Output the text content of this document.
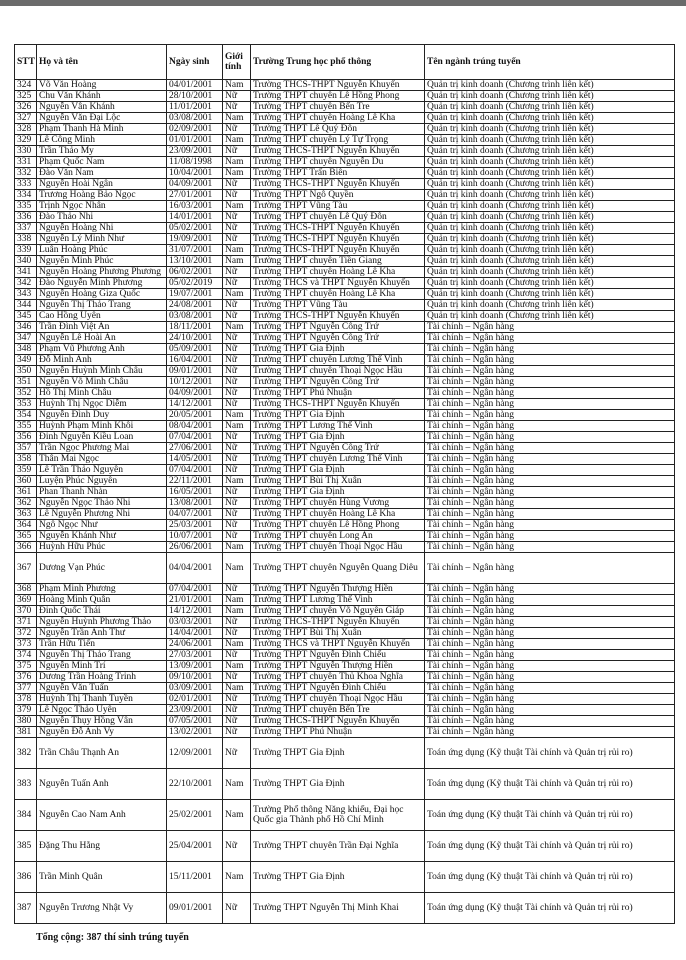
STT	Họ và tên	Ngày sinh	Giới tính	Trường Trung học phổ thông	Tên ngành trúng tuyển
324	Võ Văn Hoàng	04/01/2001	Nam	Trường THCS-THPT Nguyễn Khuyến	Quản trị kinh doanh (Chương trình liên kết)
325	Chu Văn Khánh	28/10/2001	Nữ	Trường THPT chuyên Lê Hồng Phong	Quản trị kinh doanh (Chương trình liên kết)
326	Nguyễn Vân Khánh	11/01/2001	Nữ	Trường THPT chuyên Bến Tre	Quản trị kinh doanh (Chương trình liên kết)
327	Nguyễn Văn Đại Lộc	03/08/2001	Nam	Trường THPT chuyên Hoàng Lê Kha	Quản trị kinh doanh (Chương trình liên kết)
328	Phạm Thanh Hà Minh	02/09/2001	Nữ	Trường THPT Lê Quý Đôn	Quản trị kinh doanh (Chương trình liên kết)
329	Lê Công Minh	01/01/2001	Nam	Trường THPT chuyên Lý Tự Trọng	Quản trị kinh doanh (Chương trình liên kết)
330	Trần Thảo My	23/09/2001	Nữ	Trường THCS-THPT Nguyễn Khuyến	Quản trị kinh doanh (Chương trình liên kết)
331	Phạm Quốc Nam	11/08/1998	Nam	Trường THPT chuyên Nguyễn Du	Quản trị kinh doanh (Chương trình liên kết)
332	Đào Văn Nam	10/04/2001	Nam	Trường THPT Trấn Biên	Quản trị kinh doanh (Chương trình liên kết)
333	Nguyễn Hoài Ngân	04/09/2001	Nữ	Trường THCS-THPT Nguyễn Khuyến	Quản trị kinh doanh (Chương trình liên kết)
334	Trương Hoàng Bảo Ngọc	27/01/2001	Nữ	Trường THPT Ngô Quyền	Quản trị kinh doanh (Chương trình liên kết)
335	Trịnh Ngọc Nhân	16/03/2001	Nam	Trường THPT Vũng Tàu	Quản trị kinh doanh (Chương trình liên kết)
336	Đào Thảo Nhi	14/01/2001	Nữ	Trường THPT chuyên Lê Quý Đôn	Quản trị kinh doanh (Chương trình liên kết)
337	Nguyễn Hoàng Nhi	05/02/2001	Nữ	Trường THCS-THPT Nguyễn Khuyến	Quản trị kinh doanh (Chương trình liên kết)
338	Nguyễn Lý Minh Như	19/09/2001	Nữ	Trường THCS-THPT Nguyễn Khuyến	Quản trị kinh doanh (Chương trình liên kết)
339	Luân Hoàng Phúc	31/07/2001	Nam	Trường THCS-THPT Nguyễn Khuyến	Quản trị kinh doanh (Chương trình liên kết)
340	Nguyễn Minh Phúc	13/10/2001	Nam	Trường THPT chuyên Tiền Giang	Quản trị kinh doanh (Chương trình liên kết)
341	Nguyễn Hoàng Phương Phương	06/02/2001	Nữ	Trường THPT chuyên Hoàng Lê Kha	Quản trị kinh doanh (Chương trình liên kết)
342	Đào Nguyễn Minh Phương	05/02/2019	Nữ	Trường THCS và THPT Nguyễn Khuyến	Quản trị kinh doanh (Chương trình liên kết)
343	Nguyễn Hoàng Giza Quốc	19/07/2001	Nam	Trường THPT chuyên Hoàng Lê Kha	Quản trị kinh doanh (Chương trình liên kết)
344	Nguyễn Thị Thảo Trang	24/08/2001	Nữ	Trường THPT Vũng Tàu	Quản trị kinh doanh (Chương trình liên kết)
345	Cao Hồng Uyên	03/08/2001	Nữ	Trường THCS-THPT Nguyễn Khuyến	Quản trị kinh doanh (Chương trình liên kết)
346	Trần Đình Việt An	18/11/2001	Nam	Trường THPT Nguyễn Công Trứ	Tài chính – Ngân hàng
347	Nguyễn Lê Hoài An	24/10/2001	Nữ	Trường THPT Nguyễn Công Trứ	Tài chính – Ngân hàng
348	Phạm Vũ Phương Anh	05/09/2001	Nữ	Trường THPT Gia Định	Tài chính – Ngân hàng
349	Đỗ Minh Anh	16/04/2001	Nữ	Trường THPT chuyên Lương Thế Vinh	Tài chính – Ngân hàng
350	Nguyễn Huỳnh Minh Châu	09/01/2001	Nữ	Trường THPT chuyên Thoại Ngọc Hầu	Tài chính – Ngân hàng
351	Nguyễn Võ Minh Châu	10/12/2001	Nữ	Trường THPT Nguyễn Công Trứ	Tài chính – Ngân hàng
352	Hồ Thị Minh Châu	04/09/2001	Nữ	Trường THPT Phú Nhuận	Tài chính – Ngân hàng
353	Huỳnh Thị Ngọc Diễm	14/12/2001	Nữ	Trường THCS-THPT Nguyễn Khuyến	Tài chính – Ngân hàng
354	Nguyễn Đình Duy	20/05/2001	Nam	Trường THPT Gia Định	Tài chính – Ngân hàng
355	Huỳnh Phạm Minh Khôi	08/04/2001	Nam	Trường THPT Lương Thế Vinh	Tài chính – Ngân hàng
356	Đinh Nguyễn Kiều Loan	07/04/2001	Nữ	Trường THPT Gia Định	Tài chính – Ngân hàng
357	Trần Ngọc Phương Mai	27/06/2001	Nữ	Trường THPT Nguyễn Công Trứ	Tài chính – Ngân hàng
358	Thân Mai Ngọc	14/05/2001	Nữ	Trường THPT chuyên Lương Thế Vinh	Tài chính – Ngân hàng
359	Lê Trần Thảo Nguyên	07/04/2001	Nữ	Trường THPT Gia Định	Tài chính – Ngân hàng
360	Luyện Phúc Nguyên	22/11/2001	Nam	Trường THPT Bùi Thị Xuân	Tài chính – Ngân hàng
361	Phan Thanh Nhàn	16/05/2001	Nữ	Trường THPT Gia Định	Tài chính – Ngân hàng
362	Nguyễn Ngọc Thảo Nhi	13/08/2001	Nữ	Trường THPT chuyên Hùng Vương	Tài chính – Ngân hàng
363	Lê Nguyễn Phương Nhi	04/07/2001	Nữ	Trường THPT chuyên Hoàng Lê Kha	Tài chính – Ngân hàng
364	Ngô Ngọc Như	25/03/2001	Nữ	Trường THPT chuyên Lê Hồng Phong	Tài chính – Ngân hàng
365	Nguyễn Khánh Như	10/07/2001	Nữ	Trường THPT chuyên Long An	Tài chính – Ngân hàng
366	Huỳnh Hữu Phúc	26/06/2001	Nam	Trường THPT chuyên Thoại Ngọc Hầu	Tài chính – Ngân hàng
367	Dương Vạn Phúc	04/04/2001	Nam	Trường THPT chuyên Nguyễn Quang Diêu	Tài chính – Ngân hàng
368	Phạm Minh Phương	07/04/2001	Nữ	Trường THPT Nguyễn Thượng Hiền	Tài chính – Ngân hàng
369	Hoàng Minh Quân	21/01/2001	Nam	Trường THPT Lương Thế Vinh	Tài chính – Ngân hàng
370	Đinh Quốc Thái	14/12/2001	Nam	Trường THPT chuyên Võ Nguyên Giáp	Tài chính – Ngân hàng
371	Nguyễn Huỳnh Phương Thảo	03/03/2001	Nữ	Trường THCS-THPT Nguyễn Khuyến	Tài chính – Ngân hàng
372	Nguyễn Trần Anh Thư	14/04/2001	Nữ	Trường THPT Bùi Thị Xuân	Tài chính – Ngân hàng
373	Trần Hữu Tiến	24/06/2001	Nam	Trường THCS và THPT Nguyễn Khuyến	Tài chính – Ngân hàng
374	Nguyễn Thị Thảo Trang	27/03/2001	Nữ	Trường THPT Nguyễn Đình Chiểu	Tài chính – Ngân hàng
375	Nguyễn Minh Trí	13/09/2001	Nam	Trường THPT Nguyễn Thượng Hiền	Tài chính – Ngân hàng
376	Dương Trần Hoàng Trinh	09/10/2001	Nữ	Trường THPT chuyên Thủ Khoa Nghĩa	Tài chính – Ngân hàng
377	Nguyễn Văn Tuấn	03/09/2001	Nam	Trường THPT Nguyễn Đình Chiểu	Tài chính – Ngân hàng
378	Huỳnh Thị Thanh Tuyền	02/01/2001	Nữ	Trường THPT chuyên Thoại Ngọc Hầu	Tài chính – Ngân hàng
379	Lê Ngọc Thảo Uyên	23/09/2001	Nữ	Trường THPT chuyên Bến Tre	Tài chính – Ngân hàng
380	Nguyễn Thụy Hồng Vân	07/05/2001	Nữ	Trường THCS-THPT Nguyễn Khuyến	Tài chính – Ngân hàng
381	Nguyễn Đỗ Anh Vy	13/02/2001	Nữ	Trường THPT Phú Nhuận	Tài chính – Ngân hàng
382	Trần Châu Thạnh An	12/09/2001	Nữ	Trường THPT Gia Định	Toán ứng dụng (Kỹ thuật Tài chính và Quản trị rủi ro)
383	Nguyễn Tuấn Anh	22/10/2001	Nam	Trường THPT Gia Định	Toán ứng dụng (Kỹ thuật Tài chính và Quản trị rủi ro)
384	Nguyễn Cao Nam Anh	25/02/2001	Nam	Trường Phổ thông Năng khiếu, Đại học Quốc gia Thành phố Hồ Chí Minh	Toán ứng dụng (Kỹ thuật Tài chính và Quản trị rủi ro)
385	Đặng Thu Hằng	25/04/2001	Nữ	Trường THPT chuyên Trần Đại Nghĩa	Toán ứng dụng (Kỹ thuật Tài chính và Quản trị rủi ro)
386	Trần Minh Quân	15/11/2001	Nam	Trường THPT Gia Định	Toán ứng dụng (Kỹ thuật Tài chính và Quản trị rủi ro)
387	Nguyễn Trương Nhật Vy	09/01/2001	Nữ	Trường THPT Nguyễn Thị Minh Khai	Toán ứng dụng (Kỹ thuật Tài chính và Quản trị rủi ro)
Tổng cộng: 387 thí sinh trúng tuyển
